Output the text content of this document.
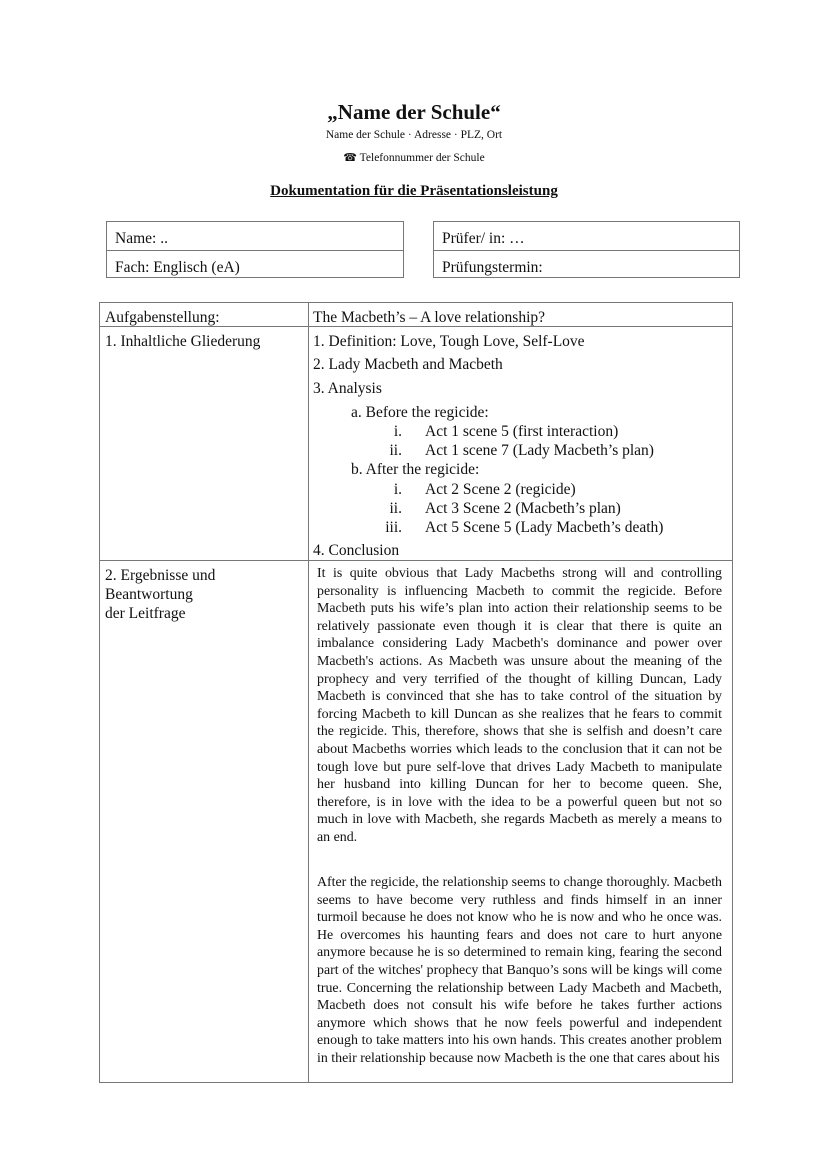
„Name der Schule“
Name der Schule · Adresse · PLZ, Ort
☎ Telefonnummer der Schule
Dokumentation für die Präsentationsleistung
Name: ..
Fach: Englisch (eA)
Prüfer/ in: …
Prüfungstermin:
Aufgabenstellung:	The Macbeth’s – A love relationship?
1. Inhaltliche Gliederung	1. Definition: Love, Tough Love, Self-Love
2. Lady Macbeth and Macbeth
3. Analysis
a. Before the regicide:
i. Act 1 scene 5 (first interaction)
ii. Act 1 scene 7 (Lady Macbeth’s plan)
b. After the regicide:
i. Act 2 Scene 2 (regicide)
ii. Act 3 Scene 2 (Macbeth’s plan)
iii. Act 5 Scene 5 (Lady Macbeth’s death)
4. Conclusion
2. Ergebnisse und
Beantwortung
der Leitfrage

It is quite obvious that Lady Macbeths strong will and controlling personality is influencing Macbeth to commit the regicide. Before Macbeth puts his wife’s plan into action their relationship seems to be relatively passionate even though it is clear that there is quite an imbalance considering Lady Macbeth's dominance and power over Macbeth's actions. As Macbeth was unsure about the meaning of the prophecy and very terrified of the thought of killing Duncan, Lady Macbeth is convinced that she has to take control of the situation by forcing Macbeth to kill Duncan as she realizes that he fears to commit the regicide. This, therefore, shows that she is selfish and doesn’t care about Macbeths worries which leads to the conclusion that it can not be tough love but pure self-love that drives Lady Macbeth to manipulate her husband into killing Duncan for her to become queen. She, therefore, is in love with the idea to be a powerful queen but not so much in love with Macbeth, she regards Macbeth as merely a means to an end.

After the regicide, the relationship seems to change thoroughly. Macbeth seems to have become very ruthless and finds himself in an inner turmoil because he does not know who he is now and who he once was. He overcomes his haunting fears and does not care to hurt anyone anymore because he is so determined to remain king, fearing the second part of the witches' prophecy that Banquo’s sons will be kings will come true. Concerning the relationship between Lady Macbeth and Macbeth, Macbeth does not consult his wife before he takes further actions anymore which shows that he now feels powerful and independent enough to take matters into his own hands. This creates another problem in their relationship because now Macbeth is the one that cares about his
